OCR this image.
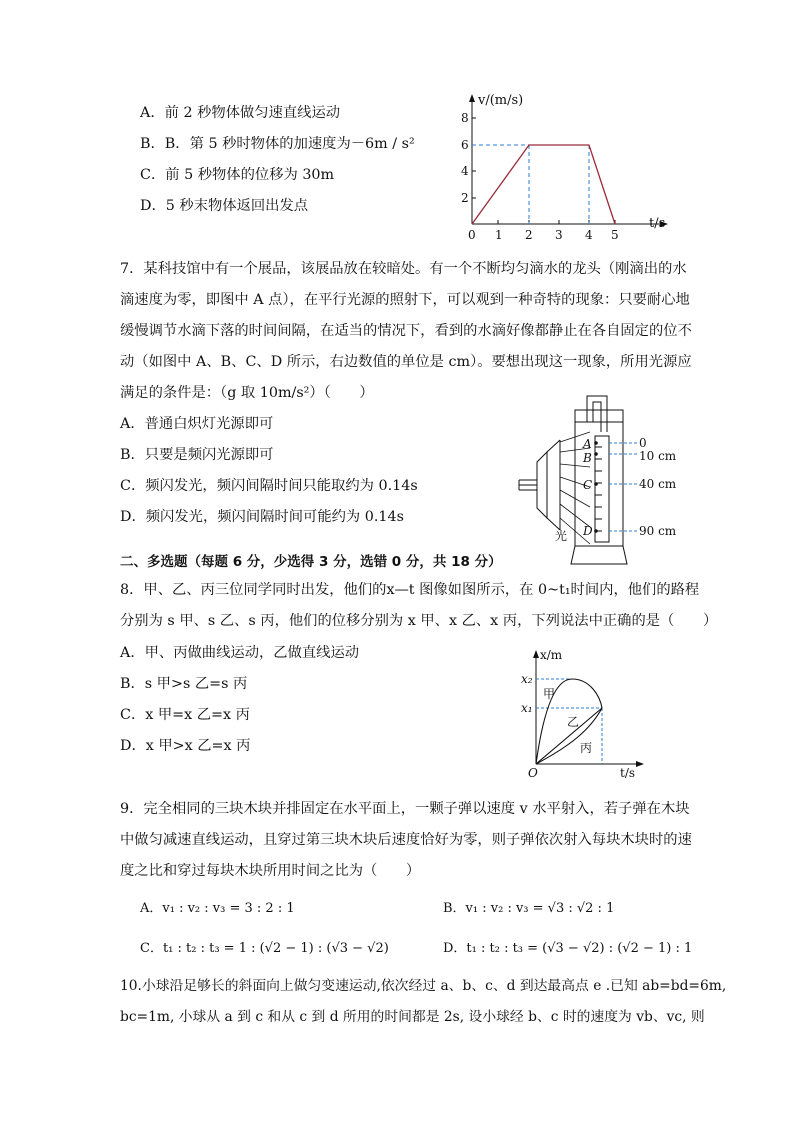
A．前 2 秒物体做匀速直线运动
B．B．第 5 秒时物体的加速度为－6m / s²
C．前 5 秒物体的位移为 30m
D．5 秒末物体返回出发点
v/(m/s)
8
6
4
2
0 1 2 3 4 5
t/s
7．某科技馆中有一个展品，该展品放在较暗处。有一个不断均匀滴水的龙头（刚滴出的水
滴速度为零，即图中 A 点），在平行光源的照射下，可以观到一种奇特的现象：只要耐心地
缓慢调节水滴下落的时间间隔，在适当的情况下，看到的水滴好像都静止在各自固定的位不
动（如图中 A、B、C、D 所示，右边数值的单位是 cm）。要想出现这一现象，所用光源应
满足的条件是：（g 取 10m/s²）（　　）
A．普通白炽灯光源即可
B．只要是频闪光源即可
C．频闪发光，频闪间隔时间只能取约为 0.14s
D．频闪发光，频闪间隔时间可能约为 0.14s
A
B
C
D
0
10 cm
40 cm
90 cm
光
二、多选题（每题 6 分，少选得 3 分，选错 0 分，共 18 分）
8．甲、乙、丙三位同学同时出发，他们的x—t 图像如图所示，在 0~t₁时间内，他们的路程
分别为 s 甲、s 乙、s 丙，他们的位移分别为 x 甲、x 乙、x 丙，下列说法中正确的是（　　）
A．甲、丙做曲线运动，乙做直线运动
B．s 甲>s 乙=s 丙
C．x 甲=x 乙=x 丙
D．x 甲>x 乙=x 丙
x/m
x₂
x₁
甲
乙
丙
O	t/s
9．完全相同的三块木块并排固定在水平面上，一颗子弹以速度 v 水平射入，若子弹在木块
中做匀减速直线运动，且穿过第三块木块后速度恰好为零，则子弹依次射入每块木块时的速
度之比和穿过每块木块所用时间之比为（　　）
A．v₁ : v₂ : v₃ = 3 : 2 : 1	B．v₁ : v₂ : v₃ = √3 : √2 : 1
C．t₁ : t₂ : t₃ = 1 : (√2 − 1) : (√3 − √2)	D．t₁ : t₂ : t₃ = (√3 − √2) : (√2 − 1) : 1
10.小球沿足够长的斜面向上做匀变速运动,依次经过 a、b、c、d 到达最高点 e .已知 ab=bd=6m,
bc=1m, 小球从 a 到 c 和从 c 到 d 所用的时间都是 2s, 设小球经 b、c 时的速度为 vb、vc, 则
